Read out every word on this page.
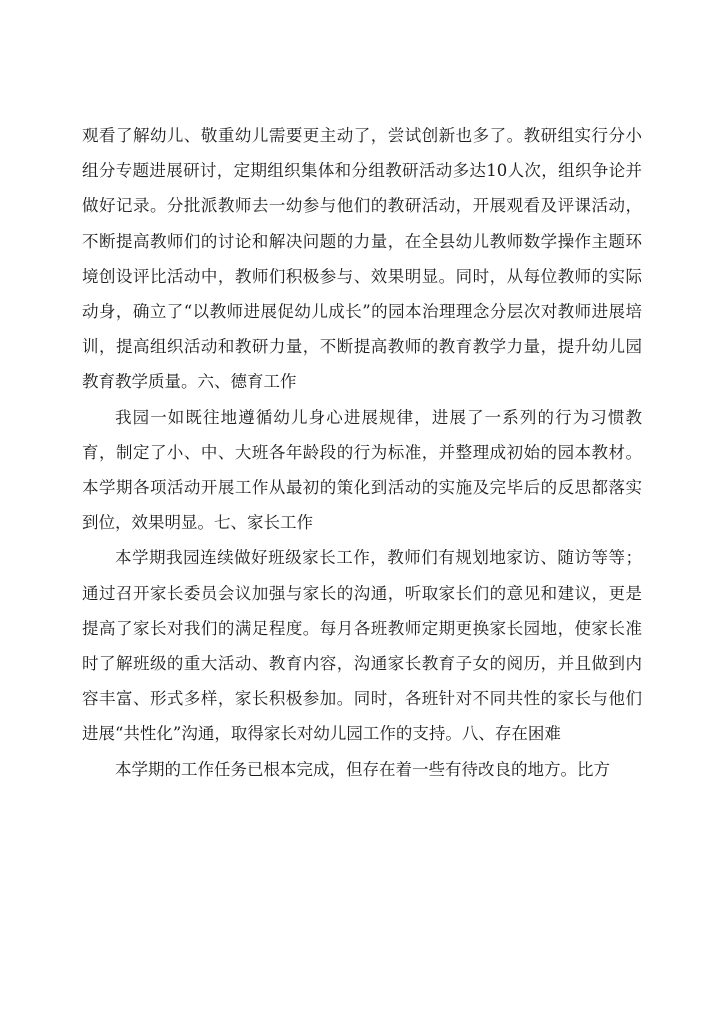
观看了解幼儿、敬重幼儿需要更主动了，尝试创新也多了。教研组实行分小组分专题进展研讨，定期组织集体和分组教研活动多达10人次，组织争论并做好记录。分批派教师去一幼参与他们的教研活动，开展观看及评课活动，不断提高教师们的讨论和解决问题的力量，在全县幼儿教师数学操作主题环境创设评比活动中，教师们积极参与、效果明显。同时，从每位教师的实际动身，确立了“以教师进展促幼儿成长”的园本治理理念分层次对教师进展培训，提高组织活动和教研力量，不断提高教师的教育教学力量，提升幼儿园教育教学质量。六、德育工作

我园一如既往地遵循幼儿身心进展规律，进展了一系列的行为习惯教育，制定了小、中、大班各年龄段的行为标准，并整理成初始的园本教材。本学期各项活动开展工作从最初的策化到活动的实施及完毕后的反思都落实到位，效果明显。七、家长工作

本学期我园连续做好班级家长工作，教师们有规划地家访、随访等等；通过召开家长委员会议加强与家长的沟通，听取家长们的意见和建议，更是提高了家长对我们的满足程度。每月各班教师定期更换家长园地，使家长准时了解班级的重大活动、教育内容，沟通家长教育子女的阅历，并且做到内容丰富、形式多样，家长积极参加。同时，各班针对不同共性的家长与他们进展“共性化”沟通，取得家长对幼儿园工作的支持。八、存在困难

本学期的工作任务已根本完成，但存在着一些有待改良的地方。比方
